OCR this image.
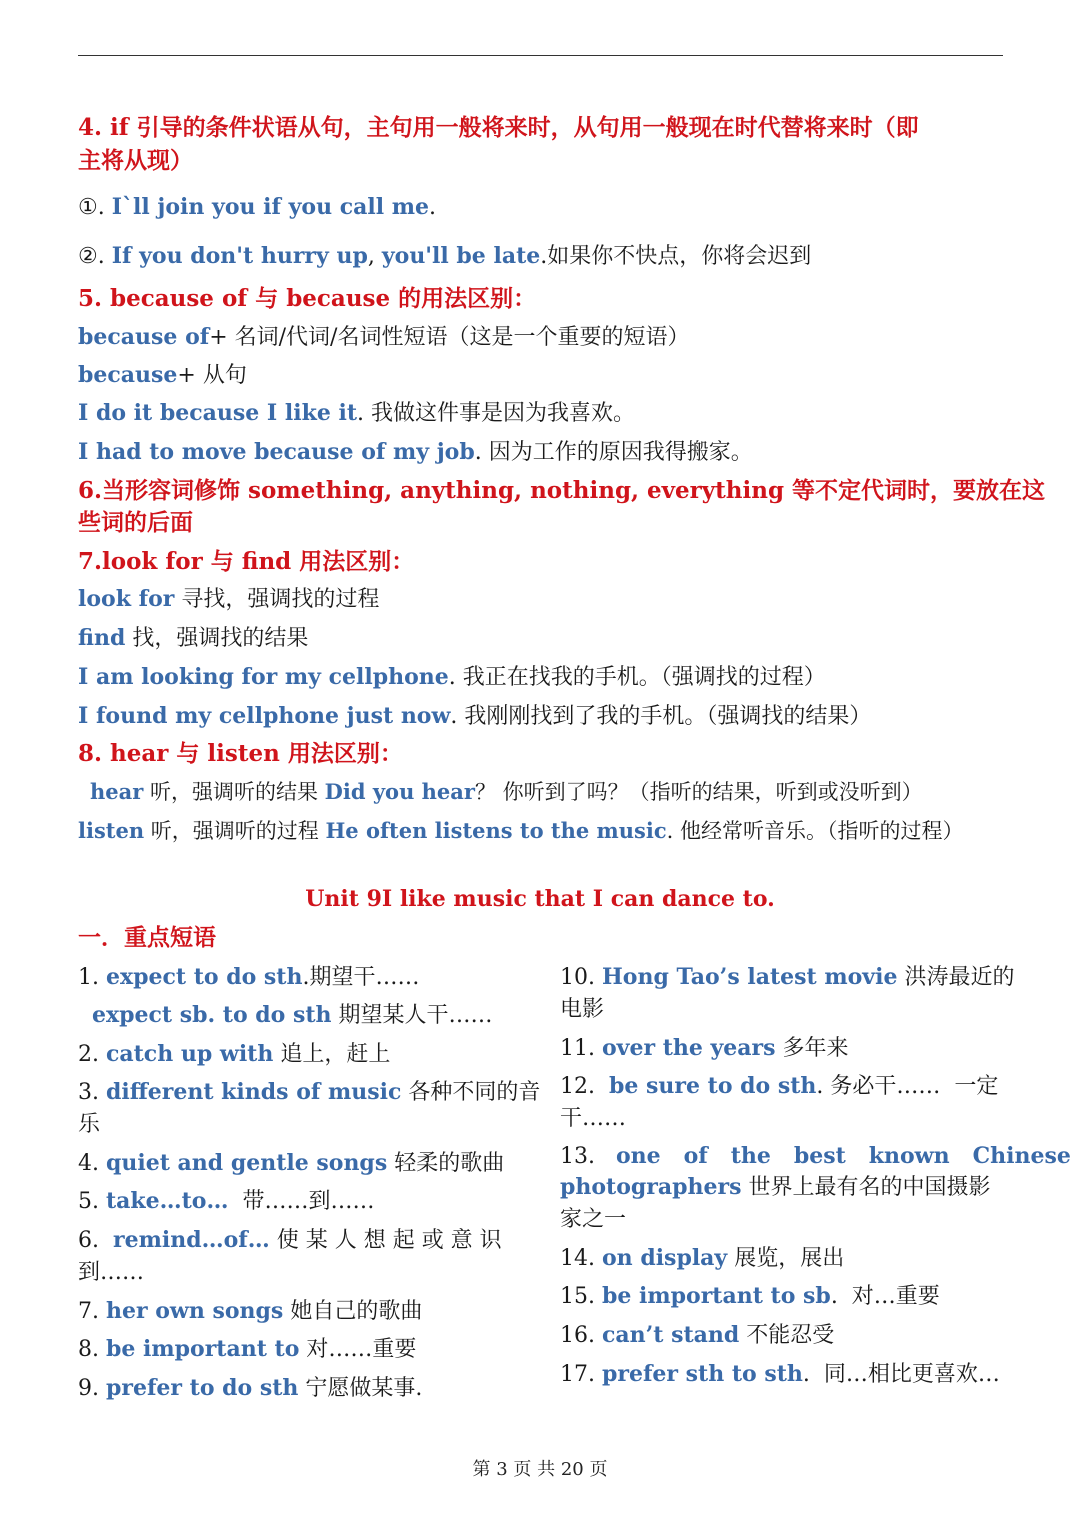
4. if 引导的条件状语从句，主句用一般将来时，从句用一般现在时代替将来时（即
主将从现）
①. I`ll join you if you call me.
②. If you don't hurry up, you'll be late.如果你不快点，你将会迟到
5. because of 与 because 的用法区别：
because of+ 名词/代词/名词性短语（这是一个重要的短语）
because+ 从句
I do it because I like it. 我做这件事是因为我喜欢。
I had to move because of my job. 因为工作的原因我得搬家。
6.当形容词修饰 something, anything, nothing, everything 等不定代词时，要放在这
些词的后面
7.look for 与 find 用法区别：
look for 寻找，强调找的过程
find 找，强调找的结果
I am looking for my cellphone. 我正在找我的手机。（强调找的过程）
I found my cellphone just now. 我刚刚找到了我的手机。（强调找的结果）
8. hear 与 listen 用法区别：
hear 听，强调听的结果 Did you hear？ 你听到了吗？（指听的结果，听到或没听到）
listen 听，强调听的过程 He often listens to the music. 他经常听音乐。（指听的过程）
Unit 9I like music that I can dance to.
一．重点短语
1. expect to do sth.期望干……
expect sb. to do sth 期望某人干……
2. catch up with 追上，赶上
3. different kinds of music 各种不同的音
乐
4. quiet and gentle songs 轻柔的歌曲
5. take…to…  带……到……
6.  remind…of… 使 某 人 想 起 或 意 识
到……
7. her own songs 她自己的歌曲
8. be important to 对……重要
9. prefer to do sth 宁愿做某事.
10. Hong Tao’s latest movie 洪涛最近的
电影
11. over the years 多年来
12.  be sure to do sth. 务必干……  一定
干……
13.   one   of   the   best   known   Chinese
photographers 世界上最有名的中国摄影
家之一
14. on display 展览，展出
15. be important to sb.  对…重要
16. can’t stand 不能忍受
17. prefer sth to sth.  同…相比更喜欢…
第 3 页 共 20 页
